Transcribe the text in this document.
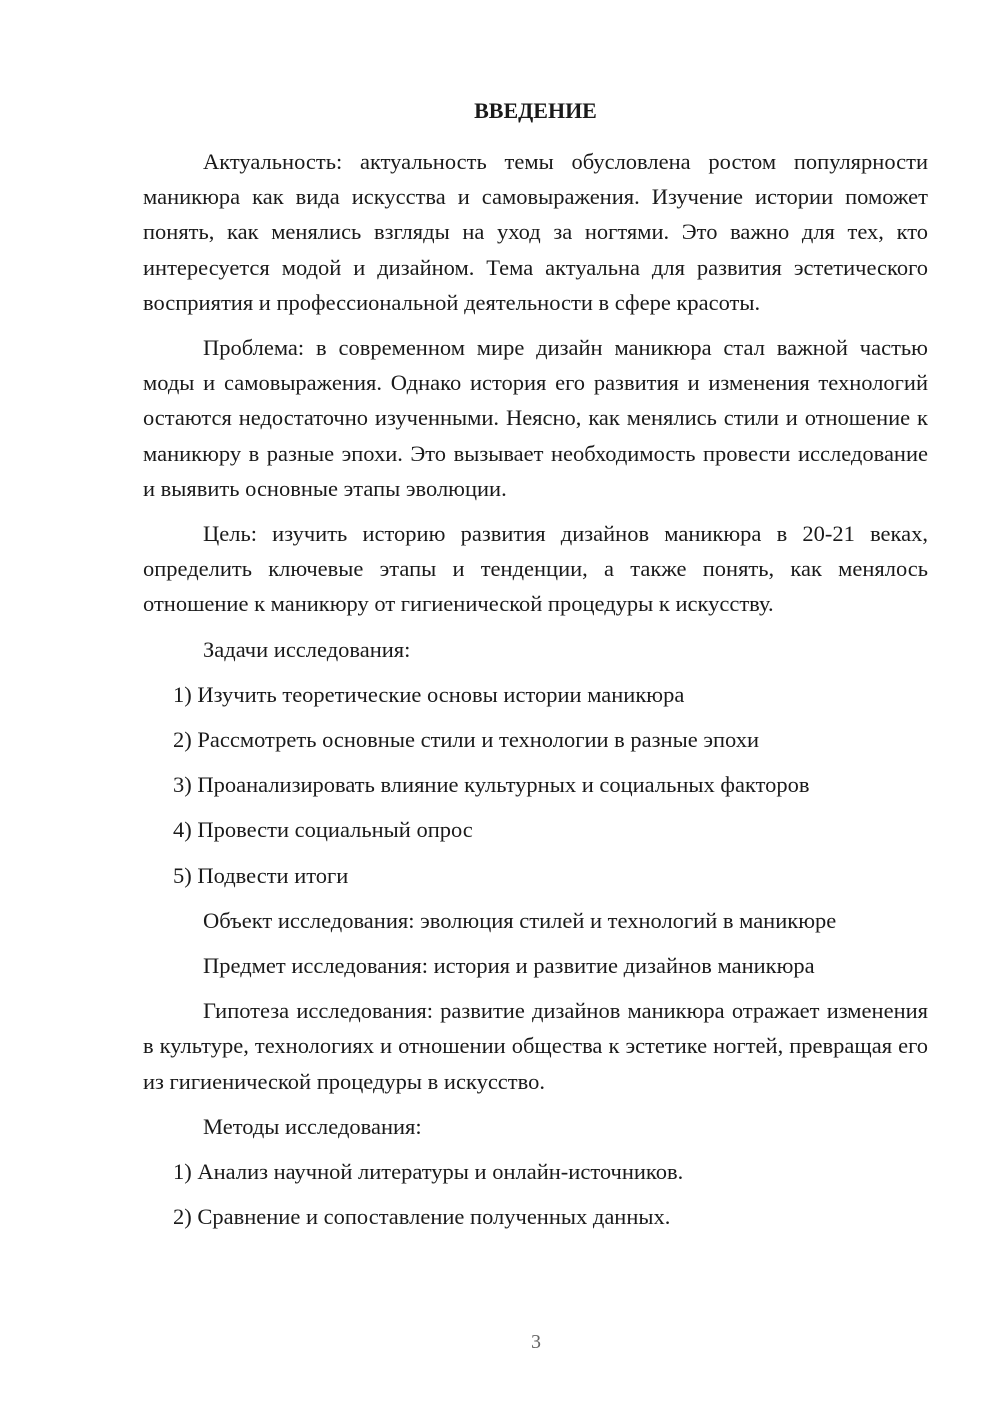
ВВЕДЕНИЕ

Актуальность: актуальность темы обусловлена ростом популярности маникюра как вида искусства и самовыражения. Изучение истории поможет понять, как менялись взгляды на уход за ногтями. Это важно для тех, кто интересуется модой и дизайном. Тема актуальна для развития эстетического восприятия и профессиональной деятельности в сфере красоты.

Проблема: в современном мире дизайн маникюра стал важной частью моды и самовыражения. Однако история его развития и изменения технологий остаются недостаточно изученными. Неясно, как менялись стили и отношение к маникюру в разные эпохи. Это вызывает необходимость провести исследование и выявить основные этапы эволюции.

Цель: изучить историю развития дизайнов маникюра в 20-21 веках, определить ключевые этапы и тенденции, а также понять, как менялось отношение к маникюру от гигиенической процедуры к искусству.

Задачи исследования:
1) Изучить теоретические основы истории маникюра
2) Рассмотреть основные стили и технологии в разные эпохи
3) Проанализировать влияние культурных и социальных факторов
4) Провести социальный опрос
5) Подвести итоги
Объект исследования: эволюция стилей и технологий в маникюре
Предмет исследования: история и развитие дизайнов маникюра

Гипотеза исследования: развитие дизайнов маникюра отражает изменения в культуре, технологиях и отношении общества к эстетике ногтей, превращая его из гигиенической процедуры в искусство.

Методы исследования:
1) Анализ научной литературы и онлайн-источников.
2) Сравнение и сопоставление полученных данных.
3
